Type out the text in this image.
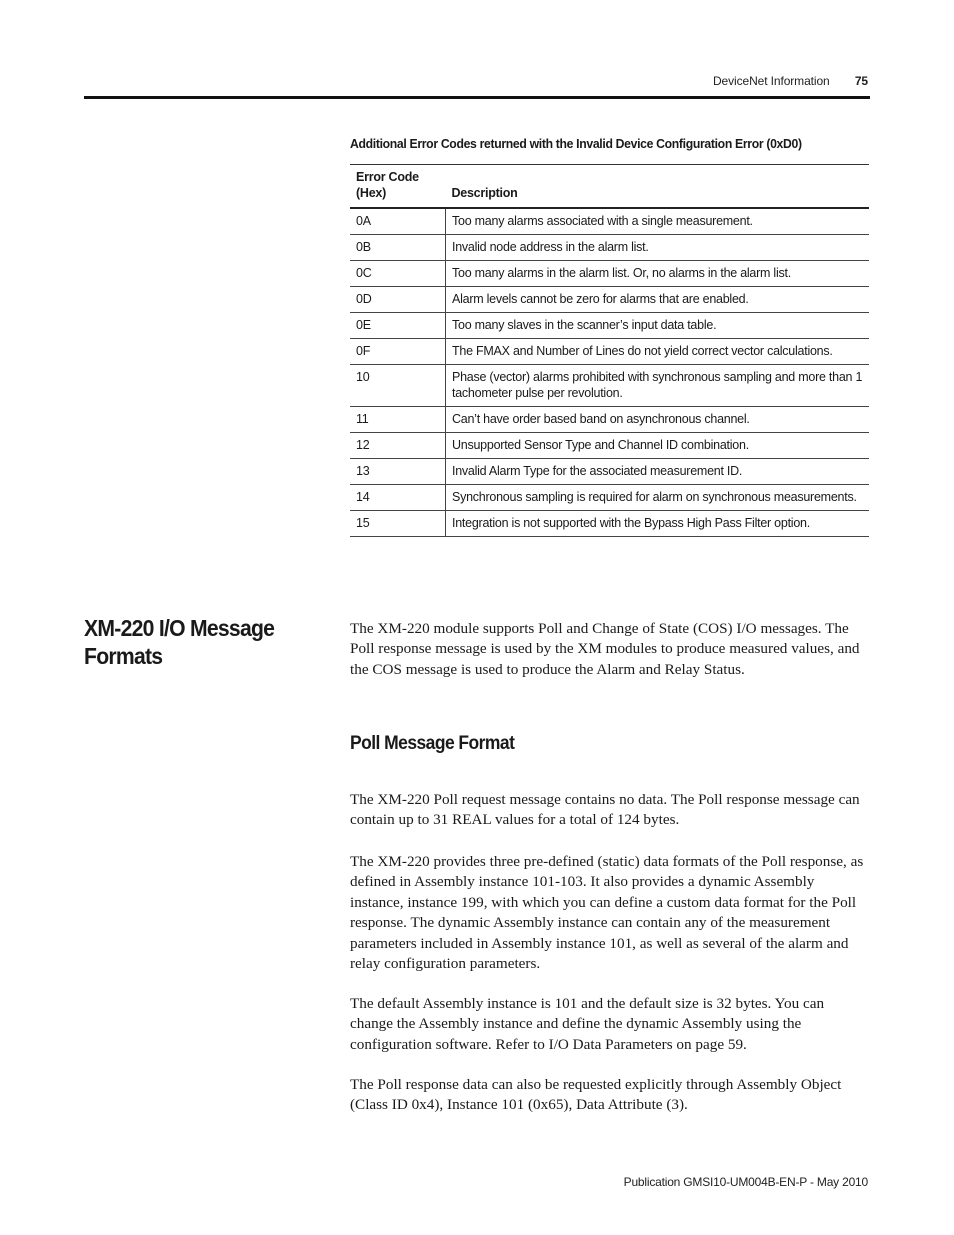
DeviceNet Information 75
Additional Error Codes returned with the Invalid Device Configuration Error (0xD0)
Error Code (Hex)	Description
0A	Too many alarms associated with a single measurement.
0B	Invalid node address in the alarm list.
0C	Too many alarms in the alarm list. Or, no alarms in the alarm list.
0D	Alarm levels cannot be zero for alarms that are enabled.
0E	Too many slaves in the scanner’s input data table.
0F	The FMAX and Number of Lines do not yield correct vector calculations.
10	Phase (vector) alarms prohibited with synchronous sampling and more than 1 tachometer pulse per revolution.
11	Can’t have order based band on asynchronous channel.
12	Unsupported Sensor Type and Channel ID combination.
13	Invalid Alarm Type for the associated measurement ID.
14	Synchronous sampling is required for alarm on synchronous measurements.
15	Integration is not supported with the Bypass High Pass Filter option.
XM-220 I/O Message Formats

The XM-220 module supports Poll and Change of State (COS) I/O messages. The Poll response message is used by the XM modules to produce measured values, and the COS message is used to produce the Alarm and Relay Status.

Poll Message Format

The XM-220 Poll request message contains no data. The Poll response message can contain up to 31 REAL values for a total of 124 bytes.

The XM-220 provides three pre-defined (static) data formats of the Poll response, as defined in Assembly instance 101-103. It also provides a dynamic Assembly instance, instance 199, with which you can define a custom data format for the Poll response. The dynamic Assembly instance can contain any of the measurement parameters included in Assembly instance 101, as well as several of the alarm and relay configuration parameters.

The default Assembly instance is 101 and the default size is 32 bytes. You can change the Assembly instance and define the dynamic Assembly using the configuration software. Refer to I/O Data Parameters on page 59.

The Poll response data can also be requested explicitly through Assembly Object (Class ID 0x4), Instance 101 (0x65), Data Attribute (3).

Publication GMSI10-UM004B-EN-P - May 2010
